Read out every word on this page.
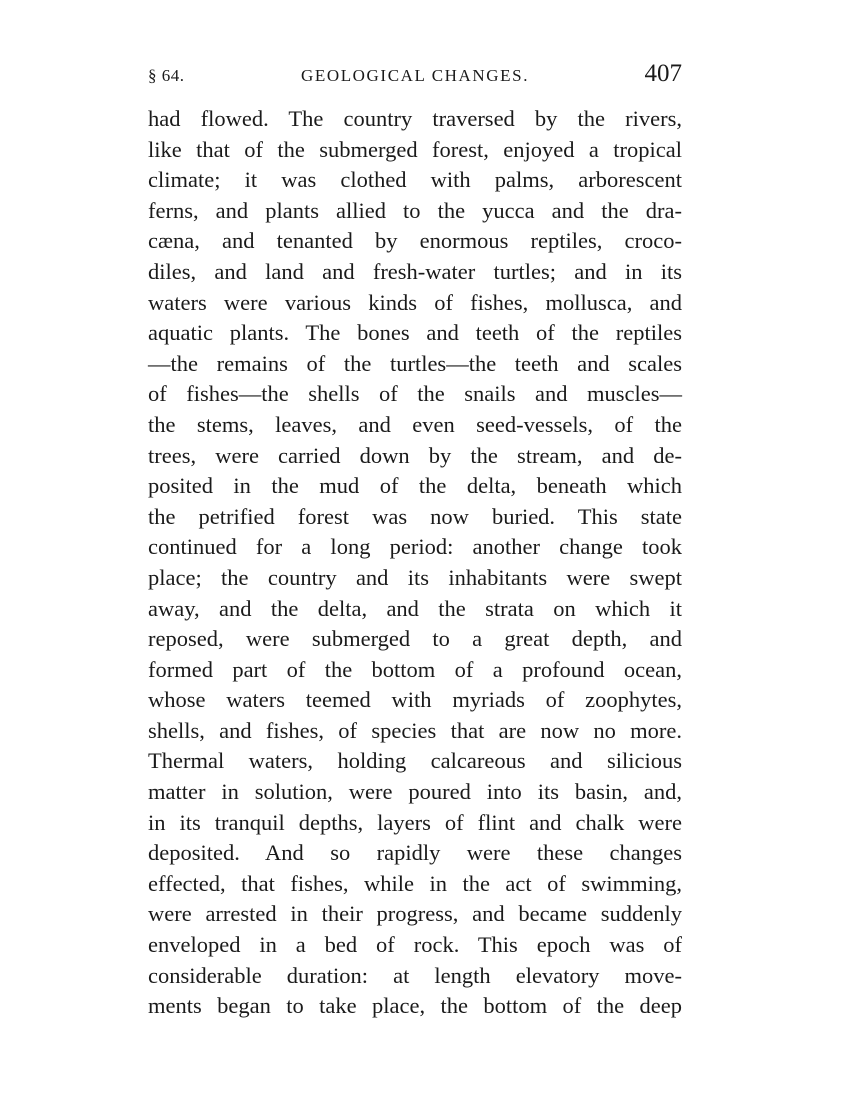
§ 64.	GEOLOGICAL CHANGES.	407
had flowed. The country traversed by the rivers,
like that of the submerged forest, enjoyed a tropical
climate; it was clothed with palms, arborescent
ferns, and plants allied to the yucca and the dra-
cæna, and tenanted by enormous reptiles, croco-
diles, and land and fresh-water turtles; and in its
waters were various kinds of fishes, mollusca, and
aquatic plants. The bones and teeth of the reptiles
—the remains of the turtles—the teeth and scales
of fishes—the shells of the snails and muscles—
the stems, leaves, and even seed-vessels, of the
trees, were carried down by the stream, and de-
posited in the mud of the delta, beneath which
the petrified forest was now buried. This state
continued for a long period: another change took
place; the country and its inhabitants were swept
away, and the delta, and the strata on which it
reposed, were submerged to a great depth, and
formed part of the bottom of a profound ocean,
whose waters teemed with myriads of zoophytes,
shells, and fishes, of species that are now no more.
Thermal waters, holding calcareous and silicious
matter in solution, were poured into its basin, and,
in its tranquil depths, layers of flint and chalk were
deposited. And so rapidly were these changes
effected, that fishes, while in the act of swimming,
were arrested in their progress, and became suddenly
enveloped in a bed of rock. This epoch was of
considerable duration: at length elevatory move-
ments began to take place, the bottom of the deep
